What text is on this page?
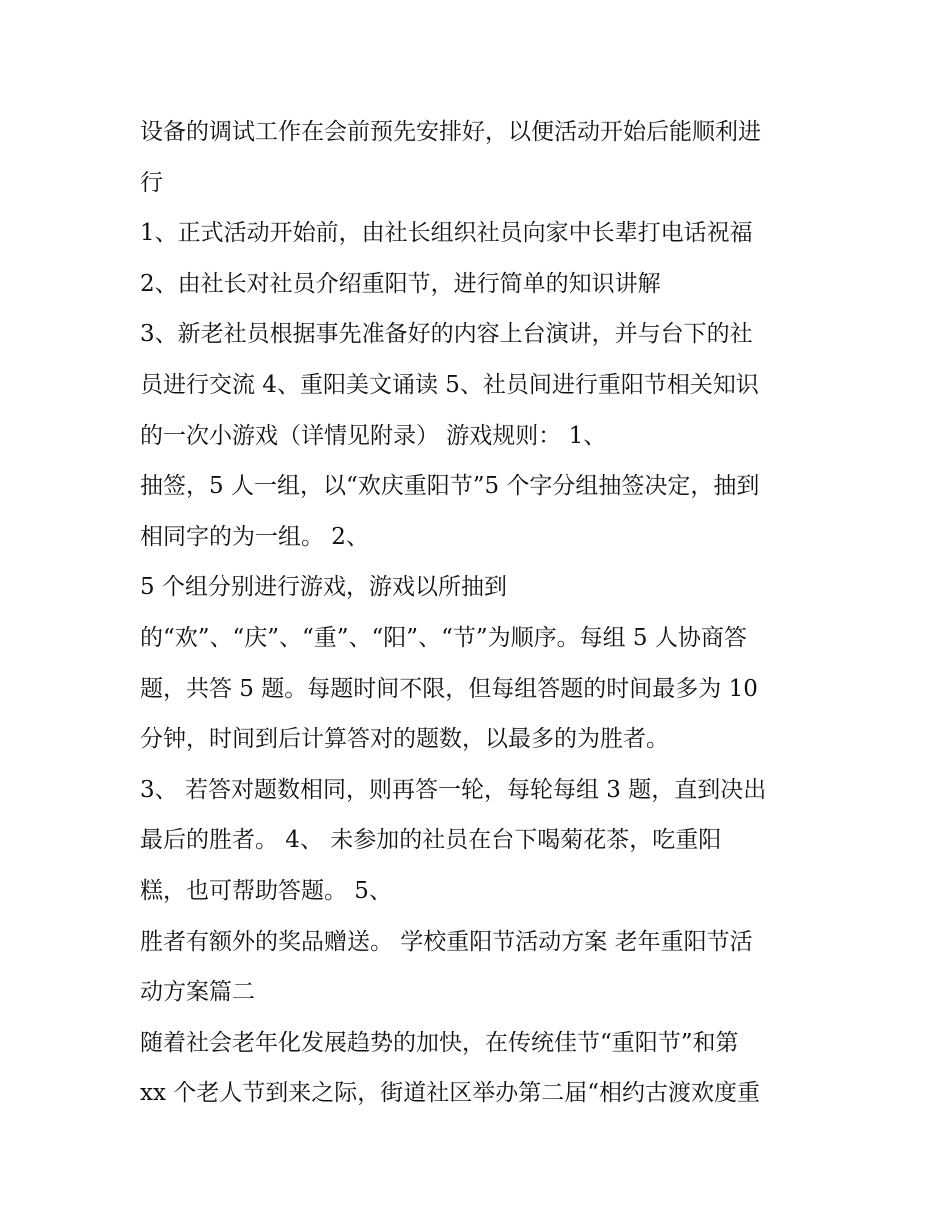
设备的调试工作在会前预先安排好，以便活动开始后能顺利进
行
1、正式活动开始前，由社长组织社员向家中长辈打电话祝福
2、由社长对社员介绍重阳节，进行简单的知识讲解
3、新老社员根据事先准备好的内容上台演讲，并与台下的社
员进行交流 4、重阳美文诵读 5、社员间进行重阳节相关知识
的一次小游戏（详情见附录） 游戏规则： 1、
抽签，5 人一组，以“欢庆重阳节”5 个字分组抽签决定，抽到
相同字的为一组。 2、
5 个组分别进行游戏，游戏以所抽到
的“欢”、“庆”、“重”、“阳”、“节”为顺序。每组 5 人协商答
题，共答 5 题。每题时间不限，但每组答题的时间最多为 10
分钟，时间到后计算答对的题数，以最多的为胜者。
3、 若答对题数相同，则再答一轮，每轮每组 3 题，直到决出
最后的胜者。 4、 未参加的社员在台下喝菊花茶，吃重阳
糕，也可帮助答题。 5、
胜者有额外的奖品赠送。 学校重阳节活动方案 老年重阳节活
动方案篇二
随着社会老年化发展趋势的加快，在传统佳节“重阳节”和第
xx 个老人节到来之际，街道社区举办第二届“相约古渡欢度重
